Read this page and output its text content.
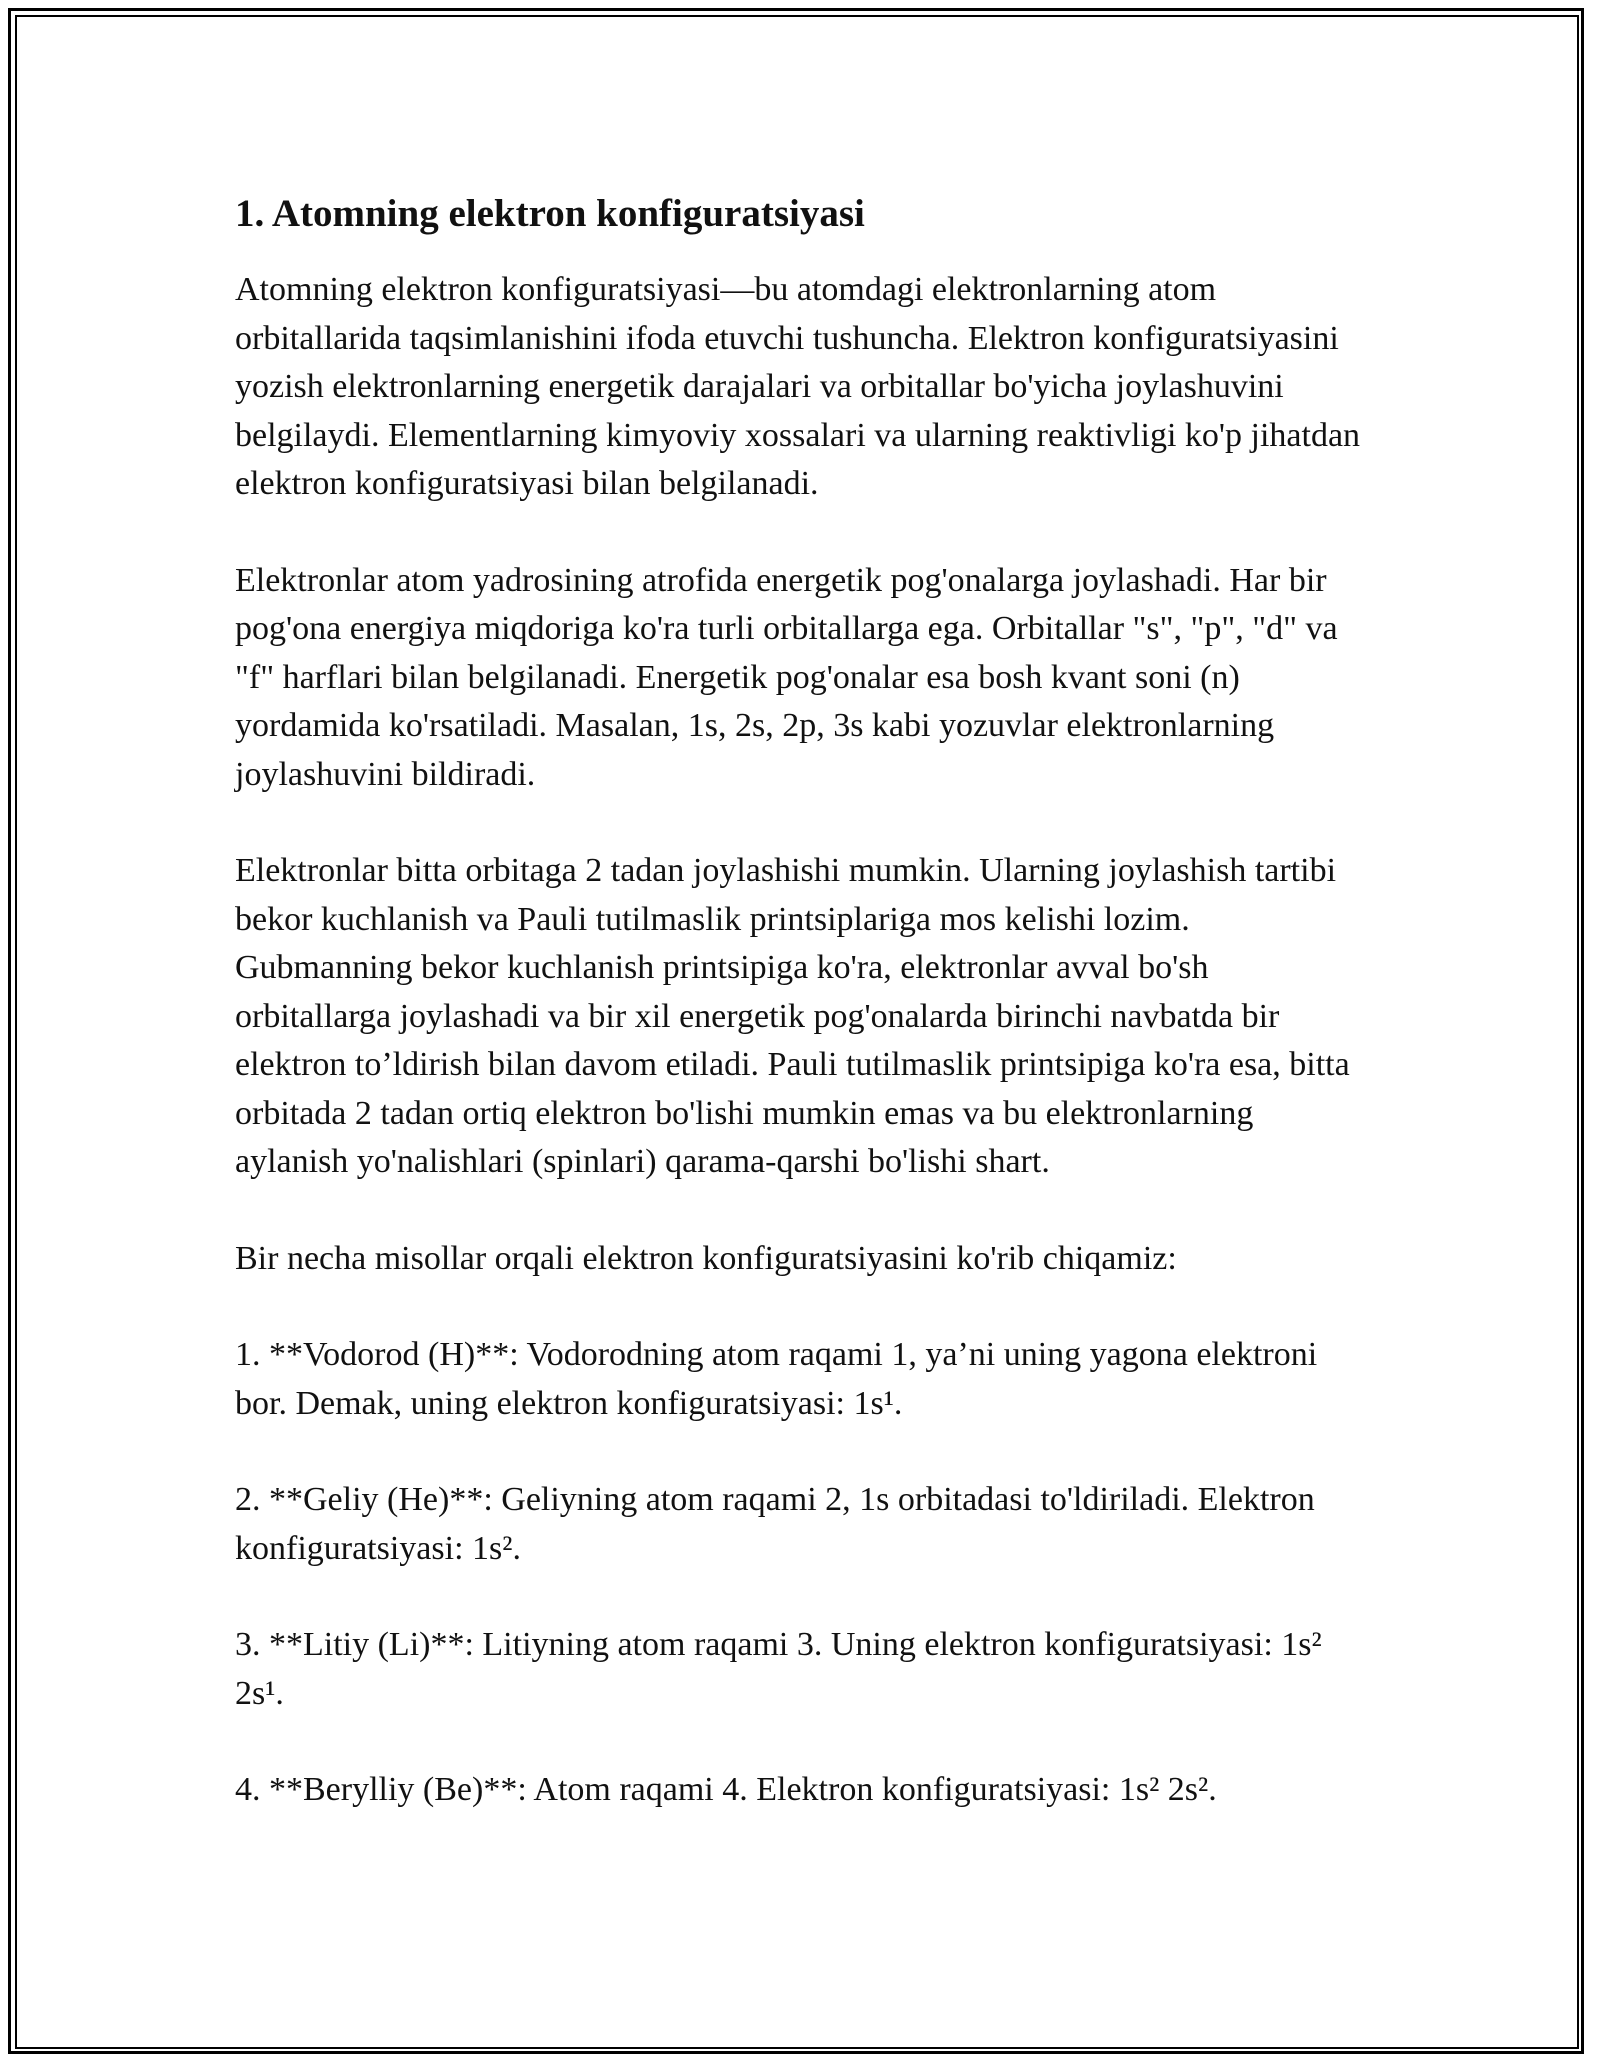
1. Atomning elektron konfiguratsiyasi

Atomning elektron konfiguratsiyasi—bu atomdagi elektronlarning atom orbitallarida taqsimlanishini ifoda etuvchi tushuncha. Elektron konfiguratsiyasini yozish elektronlarning energetik darajalari va orbitallar bo'yicha joylashuvini belgilaydi. Elementlarning kimyoviy xossalari va ularning reaktivligi ko'p jihatdan elektron konfiguratsiyasi bilan belgilanadi.

Elektronlar atom yadrosining atrofida energetik pog'onalarga joylashadi. Har bir pog'ona energiya miqdoriga ko'ra turli orbitallarga ega. Orbitallar "s", "p", "d" va "f" harflari bilan belgilanadi. Energetik pog'onalar esa bosh kvant soni (n) yordamida ko'rsatiladi. Masalan, 1s, 2s, 2p, 3s kabi yozuvlar elektronlarning joylashuvini bildiradi.

Elektronlar bitta orbitaga 2 tadan joylashishi mumkin. Ularning joylashish tartibi bekor kuchlanish va Pauli tutilmaslik printsiplariga mos kelishi lozim. Gubmanning bekor kuchlanish printsipiga ko'ra, elektronlar avval bo'sh orbitallarga joylashadi va bir xil energetik pog'onalarda birinchi navbatda bir elektron to’ldirish bilan davom etiladi. Pauli tutilmaslik printsipiga ko'ra esa, bitta orbitada 2 tadan ortiq elektron bo'lishi mumkin emas va bu elektronlarning aylanish yo'nalishlari (spinlari) qarama-qarshi bo'lishi shart.

Bir necha misollar orqali elektron konfiguratsiyasini ko'rib chiqamiz:

1. **Vodorod (H)**: Vodorodning atom raqami 1, ya’ni uning yagona elektroni bor. Demak, uning elektron konfiguratsiyasi: 1s¹.

2. **Geliy (He)**: Geliyning atom raqami 2, 1s orbitadasi to'ldiriladi. Elektron konfiguratsiyasi: 1s².

3. **Litiy (Li)**: Litiyning atom raqami 3. Uning elektron konfiguratsiyasi: 1s² 2s¹.

4. **Berylliy (Be)**: Atom raqami 4. Elektron konfiguratsiyasi: 1s² 2s².
